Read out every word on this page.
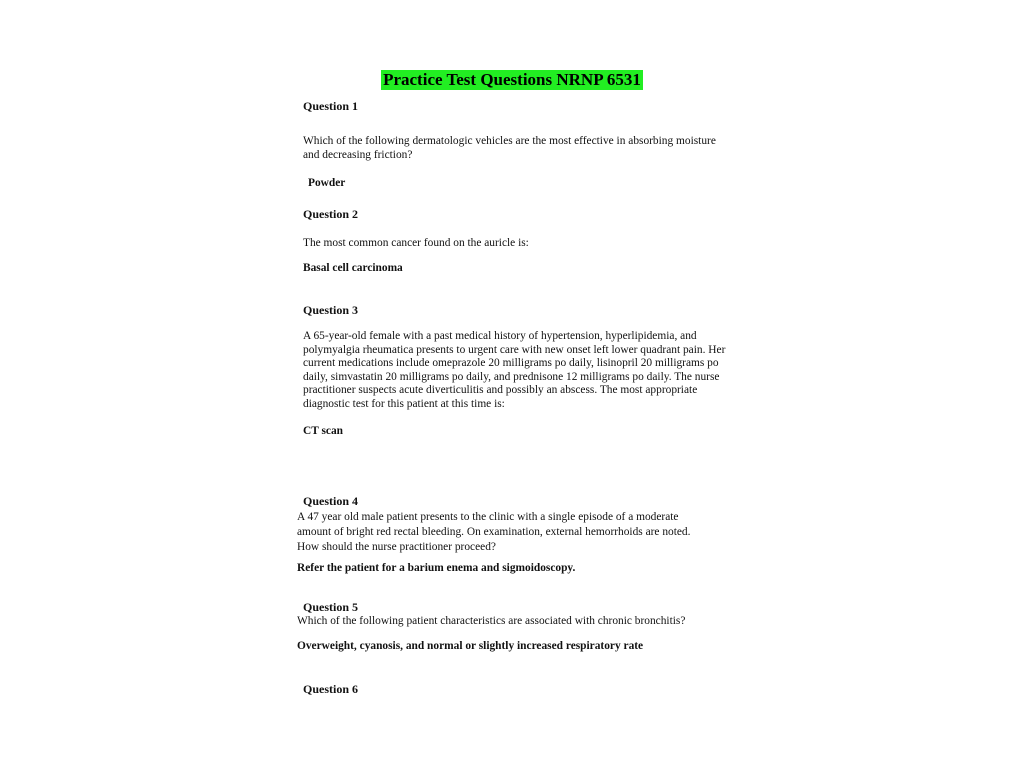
Practice Test Questions NRNP 6531
Question 1
Which of the following dermatologic vehicles are the most effective in absorbing moisture and decreasing friction?
Powder
Question 2
The most common cancer found on the auricle is:
Basal cell carcinoma
Question 3
A 65-year-old female with a past medical history of hypertension, hyperlipidemia, and polymyalgia rheumatica presents to urgent care with new onset left lower quadrant pain. Her current medications include omeprazole 20 milligrams po daily, lisinopril 20 milligrams po daily, simvastatin 20 milligrams po daily, and prednisone 12 milligrams po daily. The nurse practitioner suspects acute diverticulitis and possibly an abscess. The most appropriate diagnostic test for this patient at this time is:
CT scan
Question 4
A 47 year old male patient presents to the clinic with a single episode of a moderate
amount of bright red rectal bleeding. On examination, external hemorrhoids are noted.
How should the nurse practitioner proceed?
Refer the patient for a barium enema and sigmoidoscopy.
Question 5
Which of the following patient characteristics are associated with chronic bronchitis?
Overweight, cyanosis, and normal or slightly increased respiratory rate
Question 6
